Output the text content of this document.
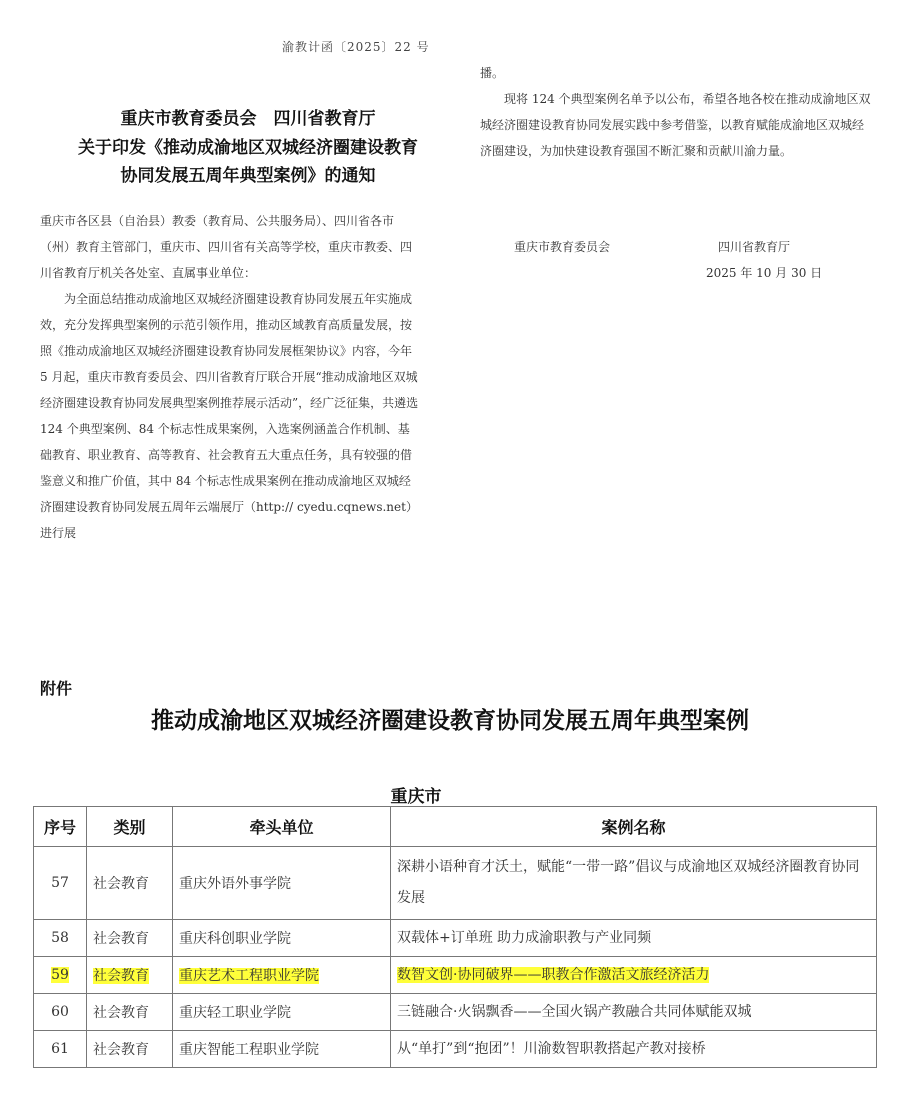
渝教计函〔2025〕22 号
重庆市教育委员会　四川省教育厅
关于印发《推动成渝地区双城经济圈建设教育
协同发展五周年典型案例》的通知
重庆市各区县（自治县）教委（教育局、公共服务局）、四川省各市（州）教育主管部门，重庆市、四川省有关高等学校，重庆市教委、四川省教育厅机关各处室、直属事业单位：
为全面总结推动成渝地区双城经济圈建设教育协同发展五年实施成效，充分发挥典型案例的示范引领作用，推动区域教育高质量发展，按照《推动成渝地区双城经济圈建设教育协同发展框架协议》内容，今年 5 月起，重庆市教育委员会、四川省教育厅联合开展“推动成渝地区双城经济圈建设教育协同发展典型案例推荐展示活动”，经广泛征集，共遴选 124 个典型案例、84 个标志性成果案例，入选案例涵盖合作机制、基础教育、职业教育、高等教育、社会教育五大重点任务，具有较强的借鉴意义和推广价值，其中 84 个标志性成果案例在推动成渝地区双城经济圈建设教育协同发展五周年云端展厅（http:// cyedu.cqnews.net）进行展
播。
现将 124 个典型案例名单予以公布，希望各地各校在推动成渝地区双城经济圈建设教育协同发展实践中参考借鉴，以教育赋能成渝地区双城经济圈建设，为加快建设教育强国不断汇聚和贡献川渝力量。
重庆市教育委员会	四川省教育厅
2025 年 10 月 30 日
附件
推动成渝地区双城经济圈建设教育协同发展五周年典型案例
重庆市
序号	类别	牵头单位	案例名称
57	社会教育	重庆外语外事学院	深耕小语种育才沃土，赋能“一带一路”倡议与成渝地区双城经济圈教育协同发展
58	社会教育	重庆科创职业学院	双载体+订单班 助力成渝职教与产业同频
59	社会教育	重庆艺术工程职业学院	数智文创·协同破界——职教合作激活文旅经济活力
60	社会教育	重庆轻工职业学院	三链融合·火锅飘香——全国火锅产教融合共同体赋能双城
61	社会教育	重庆智能工程职业学院	从“单打”到“抱团”！川渝数智职教搭起产教对接桥
